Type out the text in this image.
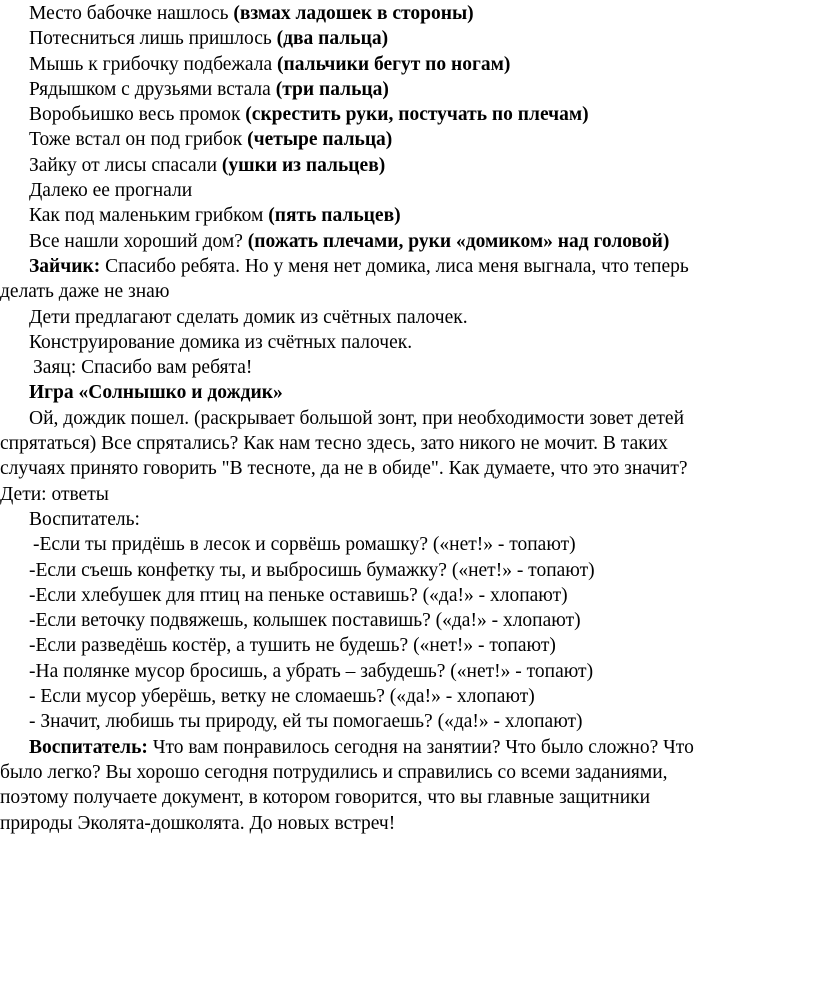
Место бабочке нашлось (взмах ладошек в стороны)

Потесниться лишь пришлось (два пальца)

Мышь к грибочку подбежала (пальчики бегут по ногам)

Рядышком с друзьями встала (три пальца)

Воробьишко весь промок (скрестить руки, постучать по плечам)

Тоже встал он под грибок (четыре пальца)

Зайку от лисы спасали (ушки из пальцев)

Далеко ее прогнали

Как под маленьким грибком (пять пальцев)

Все нашли хороший дом? (пожать плечами, руки «домиком» над головой)

Зайчик: Спасибо ребята. Но у меня нет домика, лиса меня выгнала, что теперь

делать даже не знаю

Дети предлагают сделать домик из счётных палочек.

Конструирование домика из счётных палочек.

Заяц: Спасибо вам ребята!

Игра «Солнышко и дождик»

Ой, дождик пошел. (раскрывает большой зонт, при необходимости зовет детей

спрятаться) Все спрятались? Как нам тесно здесь, зато никого не мочит. В таких

случаях принято говорить "В тесноте, да не в обиде". Как думаете, что это значит?

Дети: ответы

Воспитатель:

-Если ты придёшь в лесок и сорвёшь ромашку? («нет!» - топают)

-Если съешь конфетку ты, и выбросишь бумажку? («нет!» - топают)

-Если хлебушек для птиц на пеньке оставишь? («да!» - хлопают)

-Если веточку подвяжешь, колышек поставишь? («да!» - хлопают)

-Если разведёшь костёр, а тушить не будешь? («нет!» - топают)

-На полянке мусор бросишь, а убрать – забудешь? («нет!» - топают)

- Если мусор уберёшь, ветку не сломаешь? («да!» - хлопают)

- Значит, любишь ты природу, ей ты помогаешь? («да!» - хлопают)

Воспитатель: Что вам понравилось сегодня на занятии? Что было сложно? Что

было легко? Вы хорошо сегодня потрудились и справились со всеми заданиями,

поэтому получаете документ, в котором говорится, что вы главные защитники

природы Эколята-дошколята. До новых встреч!
